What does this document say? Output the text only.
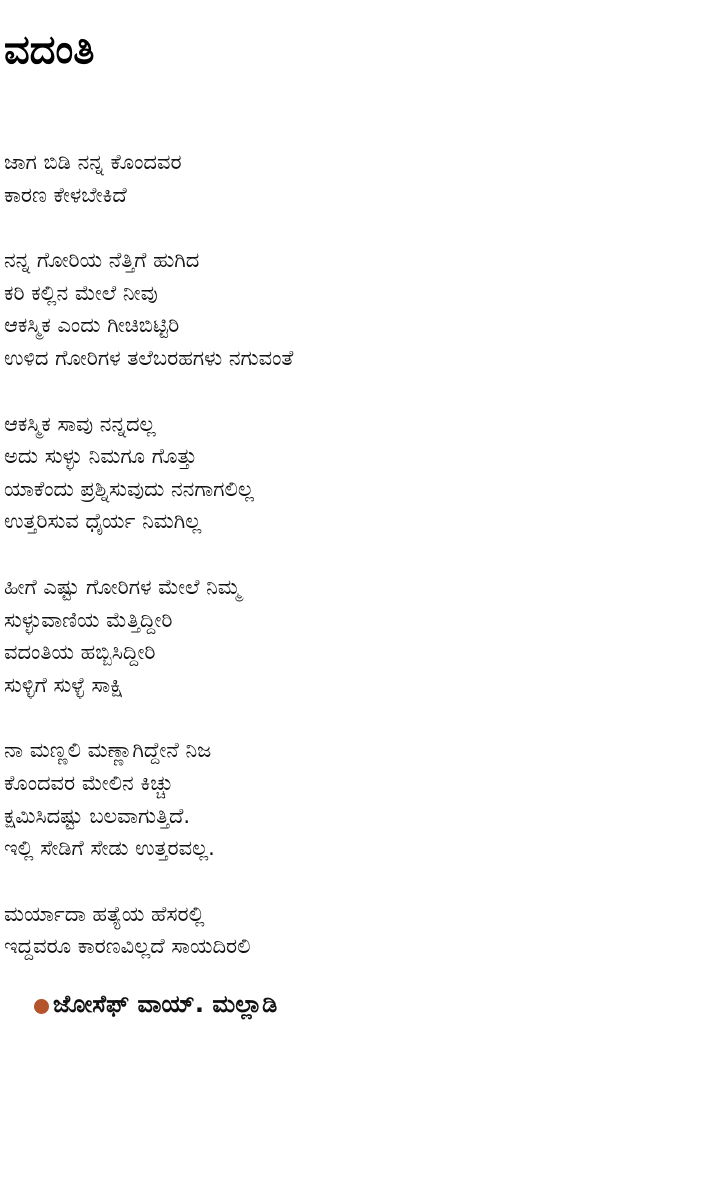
ವದಂತಿ
ಜಾಗ ಬಿಡಿ ನನ್ನ ಕೊಂದವರ
ಕಾರಣ ಕೇಳಬೇಕಿದೆ
ನನ್ನ ಗೋರಿಯ ನೆತ್ತಿಗೆ ಹುಗಿದ
ಕರಿ ಕಲ್ಲಿನ ಮೇಲೆ ನೀವು
ಆಕಸ್ಮಿಕ ಎಂದು ಗೀಚಿಬಿಟ್ಟಿರಿ
ಉಳಿದ ಗೋರಿಗಳ ತಲೆಬರಹಗಳು ನಗುವಂತೆ
ಆಕಸ್ಮಿಕ ಸಾವು ನನ್ನದಲ್ಲ
ಅದು ಸುಳ್ಳು ನಿಮಗೂ ಗೊತ್ತು
ಯಾಕೆಂದು ಪ್ರಶ್ನಿಸುವುದು ನನಗಾಗಲಿಲ್ಲ
ಉತ್ತರಿಸುವ ಧೈರ್ಯ ನಿಮಗಿಲ್ಲ
ಹೀಗೆ ಎಷ್ಟು ಗೋರಿಗಳ ಮೇಲೆ ನಿಮ್ಮ
ಸುಳ್ಳುವಾಣಿಯ ಮೆತ್ತಿದ್ದೀರಿ
ವದಂತಿಯ ಹಬ್ಬಿಸಿದ್ದೀರಿ
ಸುಳ್ಳಿಗೆ ಸುಳ್ಳೆ ಸಾಕ್ಷಿ
ನಾ ಮಣ್ಣಲಿ ಮಣ್ಣಾಗಿದ್ದೇನೆ ನಿಜ
ಕೊಂದವರ ಮೇಲಿನ ಕಿಚ್ಚು
ಕ್ಷಮಿಸಿದಷ್ಟು ಬಲವಾಗುತ್ತಿದೆ.
ಇಲ್ಲಿ ಸೇಡಿಗೆ ಸೇಡು ಉತ್ತರವಲ್ಲ.
ಮರ್ಯಾದಾ ಹತ್ಯೆಯ ಹೆಸರಲ್ಲಿ
ಇದ್ದವರೂ ಕಾರಣವಿಲ್ಲದೆ ಸಾಯದಿರಲಿ
ಜೋಸೆಫ್ ವಾಯ್. ಮಲ್ಲಾಡಿ
